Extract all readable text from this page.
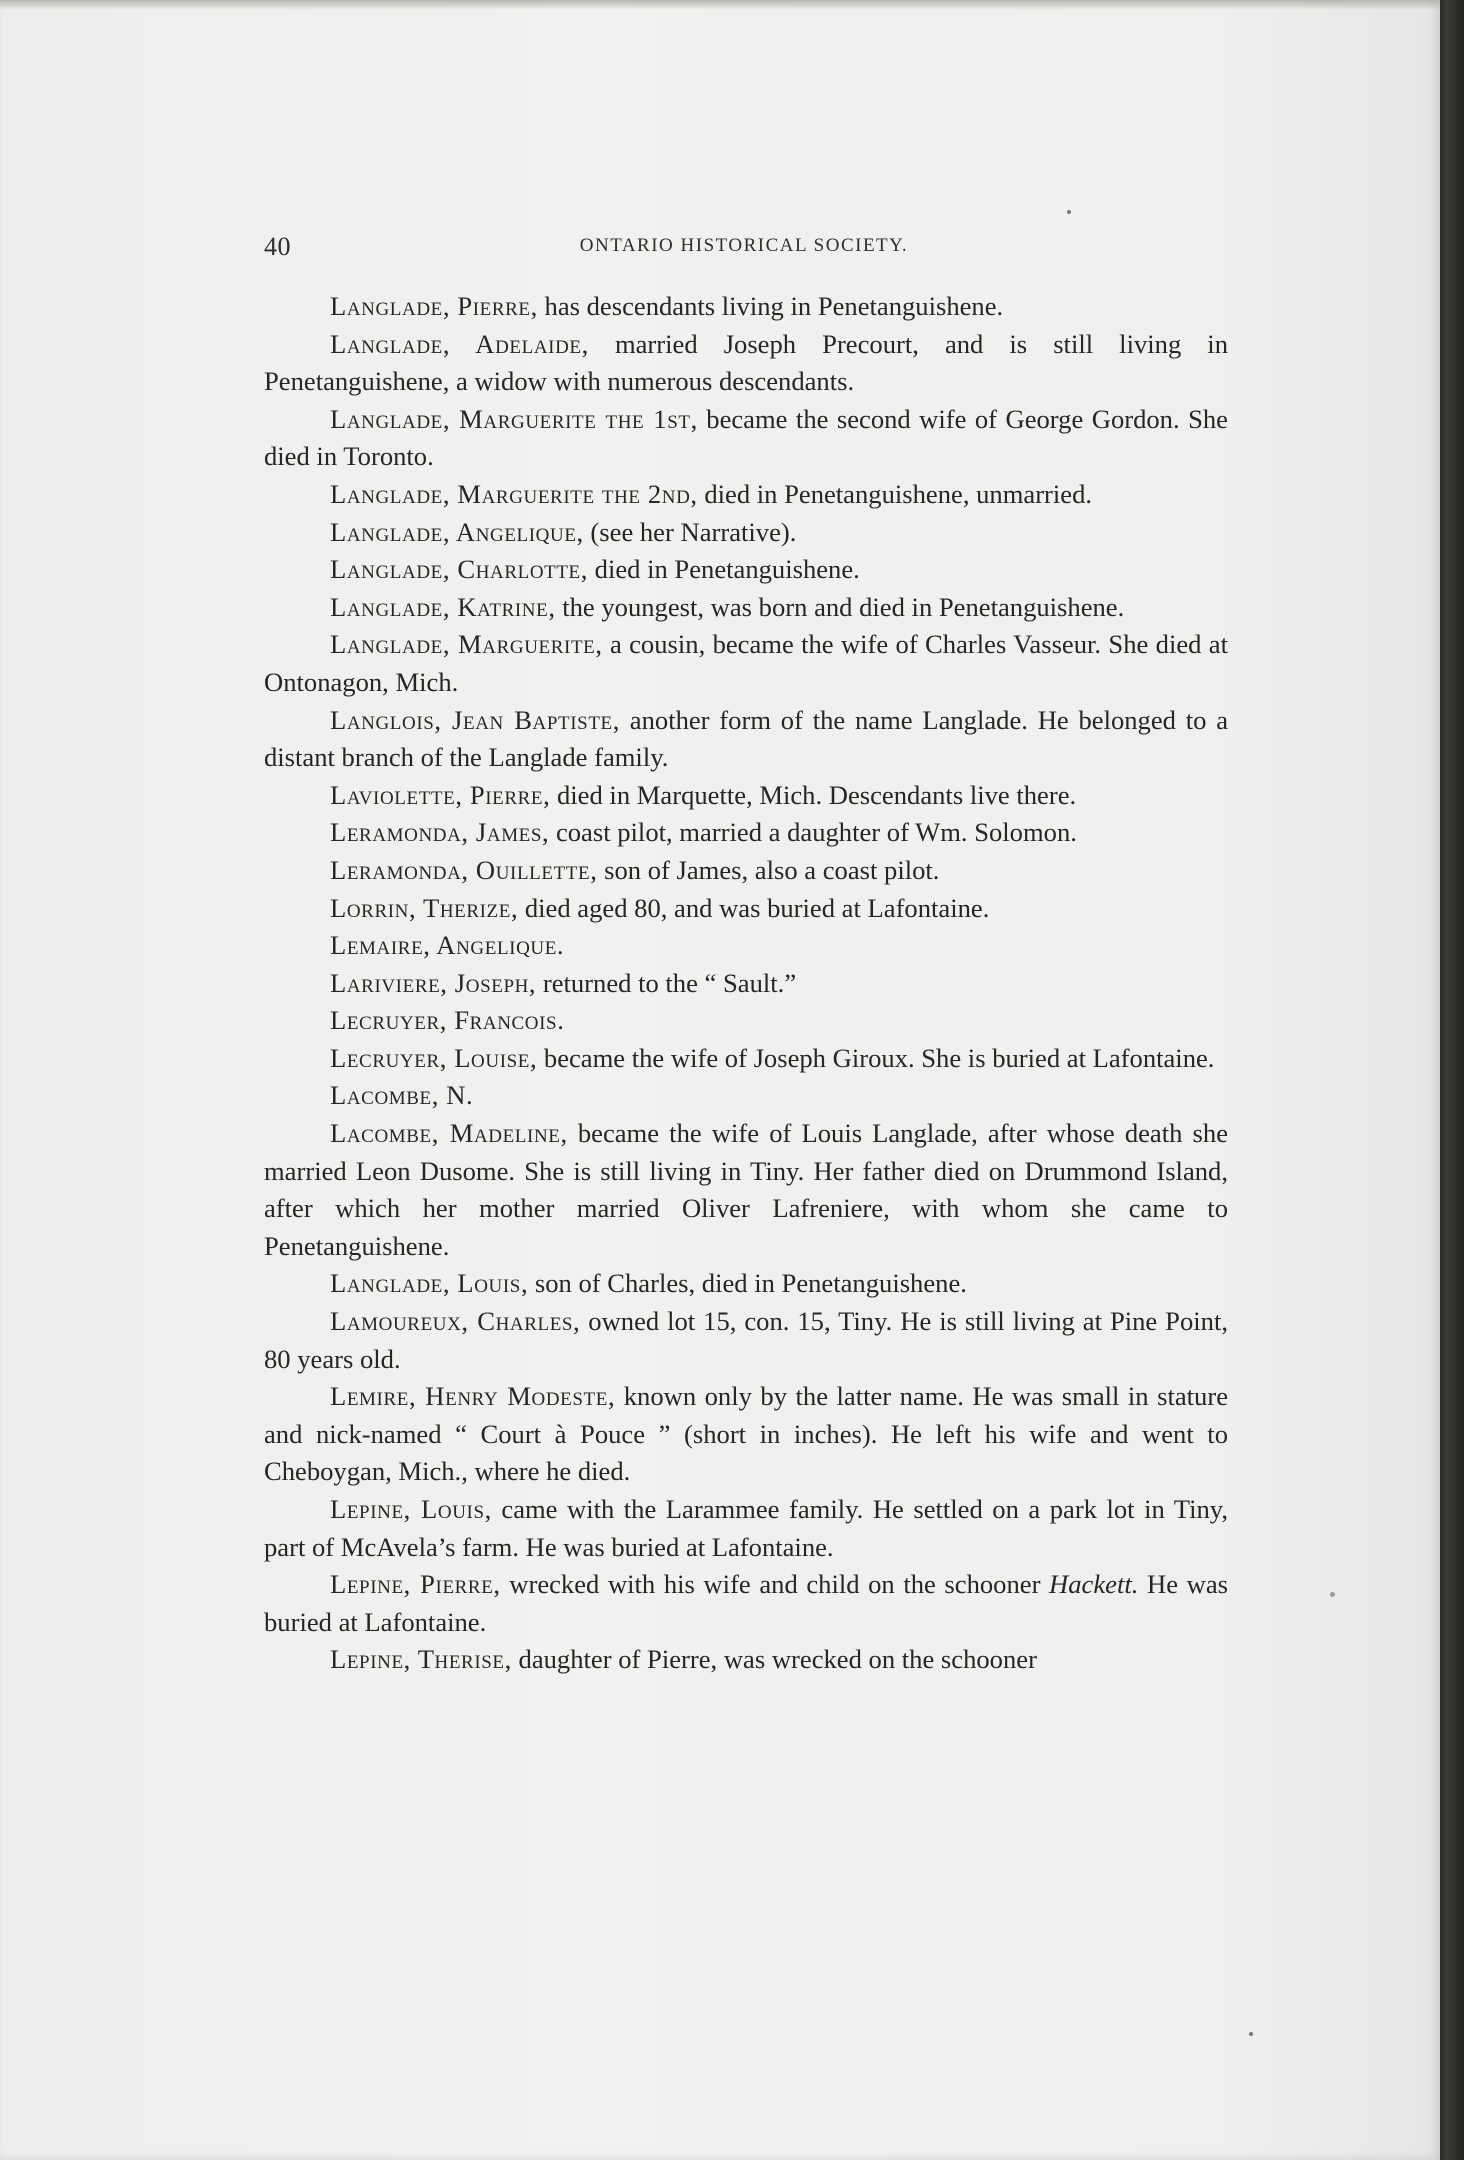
40	ONTARIO HISTORICAL SOCIETY.

Langlade, Pierre, has descendants living in Penetanguishene.

Langlade, Adelaide, married Joseph Precourt, and is still living in Penetanguishene, a widow with numerous descendants.

Langlade, Marguerite the 1st, became the second wife of George Gordon. She died in Toronto.

Langlade, Marguerite the 2nd, died in Penetanguishene, unmarried.

Langlade, Angelique, (see her Narrative).

Langlade, Charlotte, died in Penetanguishene.

Langlade, Katrine, the youngest, was born and died in Penetanguishene.

Langlade, Marguerite, a cousin, became the wife of Charles Vasseur. She died at Ontonagon, Mich.

Langlois, Jean Baptiste, another form of the name Langlade. He belonged to a distant branch of the Langlade family.

Laviolette, Pierre, died in Marquette, Mich. Descendants live there.

Leramonda, James, coast pilot, married a daughter of Wm. Solomon.

Leramonda, Ouillette, son of James, also a coast pilot.

Lorrin, Therize, died aged 80, and was buried at Lafontaine.

Lemaire, Angelique.

Lariviere, Joseph, returned to the “ Sault.”

Lecruyer, Francois.

Lecruyer, Louise, became the wife of Joseph Giroux. She is buried at Lafontaine.

Lacombe, N.

Lacombe, Madeline, became the wife of Louis Langlade, after whose death she married Leon Dusome. She is still living in Tiny. Her father died on Drummond Island, after which her mother married Oliver Lafreniere, with whom she came to Penetanguishene.

Langlade, Louis, son of Charles, died in Penetanguishene.

Lamoureux, Charles, owned lot 15, con. 15, Tiny. He is still living at Pine Point, 80 years old.

Lemire, Henry Modeste, known only by the latter name. He was small in stature and nick-named “ Court à Pouce ” (short in inches). He left his wife and went to Cheboygan, Mich., where he died.

Lepine, Louis, came with the Larammee family. He settled on a park lot in Tiny, part of McAvela’s farm. He was buried at Lafontaine.

Lepine, Pierre, wrecked with his wife and child on the schooner Hackett. He was buried at Lafontaine.

Lepine, Therise, daughter of Pierre, was wrecked on the schooner
